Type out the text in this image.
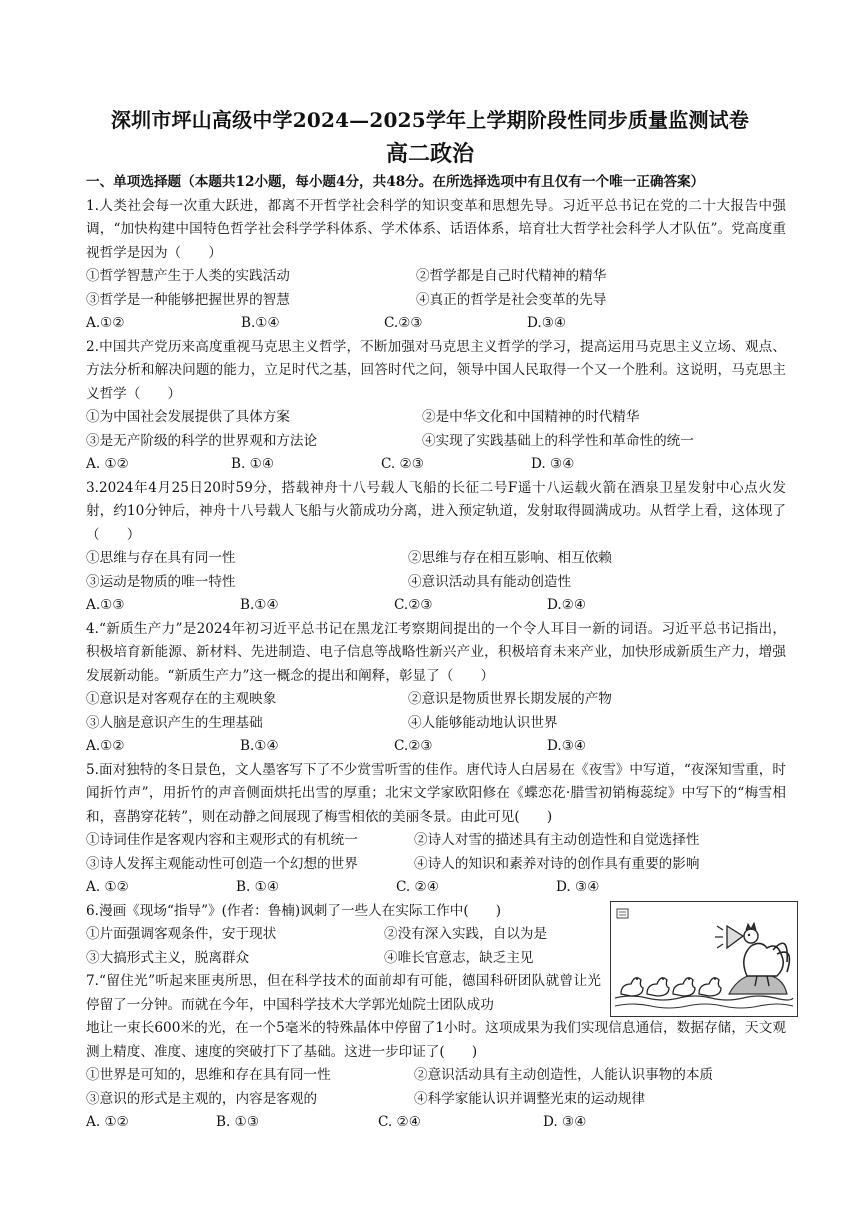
深圳市坪山高级中学2024—2025学年上学期阶段性同步质量监测试卷
高二政治
一、单项选择题（本题共12小题，每小题4分，共48分。在所选择选项中有且仅有一个唯一正确答案）

1.人类社会每一次重大跃进，都离不开哲学社会科学的知识变革和思想先导。习近平总书记在党的二十大报告中强调，“加快构建中国特色哲学社会科学学科体系、学术体系、话语体系，培育壮大哲学社会科学人才队伍”。党高度重视哲学是因为（　　）

①哲学智慧产生于人类的实践活动	②哲学都是自己时代精神的精华
③哲学是一种能够把握世界的智慧	④真正的哲学是社会变革的先导
A.①②	B.①④	C.②③	D.③④

2.中国共产党历来高度重视马克思主义哲学，不断加强对马克思主义哲学的学习，提高运用马克思主义立场、观点、方法分析和解决问题的能力，立足时代之基，回答时代之问，领导中国人民取得一个又一个胜利。这说明，马克思主义哲学（　　）

①为中国社会发展提供了具体方案	②是中华文化和中国精神的时代精华
③是无产阶级的科学的世界观和方法论	④实现了实践基础上的科学性和革命性的统一
A. ①②	B. ①④	C. ②③	D. ③④

3.2024年4月25日20时59分，搭载神舟十八号载人飞船的长征二号F遥十八运载火箭在酒泉卫星发射中心点火发射，约10分钟后，神舟十八号载人飞船与火箭成功分离，进入预定轨道，发射取得圆满成功。从哲学上看，这体现了（　　）

①思维与存在具有同一性	②思维与存在相互影响、相互依赖
③运动是物质的唯一特性	④意识活动具有能动创造性
A.①③	B.①④	C.②③	D.②④

4.“新质生产力”是2024年初习近平总书记在黑龙江考察期间提出的一个令人耳目一新的词语。习近平总书记指出，积极培育新能源、新材料、先进制造、电子信息等战略性新兴产业，积极培育未来产业，加快形成新质生产力，增强发展新动能。“新质生产力”这一概念的提出和阐释，彰显了（　　）

①意识是对客观存在的主观映象	②意识是物质世界长期发展的产物
③人脑是意识产生的生理基础	④人能够能动地认识世界
A.①②	B.①④	C.②③	D.③④

5.面对独特的冬日景色，文人墨客写下了不少赏雪听雪的佳作。唐代诗人白居易在《夜雪》中写道，“夜深知雪重，时闻折竹声”，用折竹的声音侧面烘托出雪的厚重；北宋文学家欧阳修在《蝶恋花·腊雪初销梅蕊绽》中写下的“梅雪相和，喜鹊穿花转”，则在动静之间展现了梅雪相依的美丽冬景。由此可见(　　)

①诗词佳作是客观内容和主观形式的有机统一	②诗人对雪的描述具有主动创造性和自觉选择性
③诗人发挥主观能动性可创造一个幻想的世界	④诗人的知识和素养对诗的创作具有重要的影响
A. ①②	B. ①④	C. ②④	D. ③④

6.漫画《现场“指导”》(作者：鲁楠)讽刺了一些人在实际工作中(　　)

①片面强调客观条件，安于现状	②没有深入实践，自以为是
③大搞形式主义，脱离群众	④唯长官意志，缺乏主见

7.“留住光”听起来匪夷所思，但在科学技术的面前却有可能，德国科研团队就曾让光停留了一分钟。而就在今年，中国科学技术大学郭光灿院士团队成功

地让一束长600米的光，在一个5毫米的特殊晶体中停留了1小时。这项成果为我们实现信息通信，数据存储，天文观测上精度、准度、速度的突破打下了基础。这进一步印证了(　　)

①世界是可知的，思维和存在具有同一性	②意识活动具有主动创造性，人能认识事物的本质
③意识的形式是主观的，内容是客观的	④科学家能认识并调整光束的运动规律
A. ①②	B. ①③	C. ②④	D. ③④
